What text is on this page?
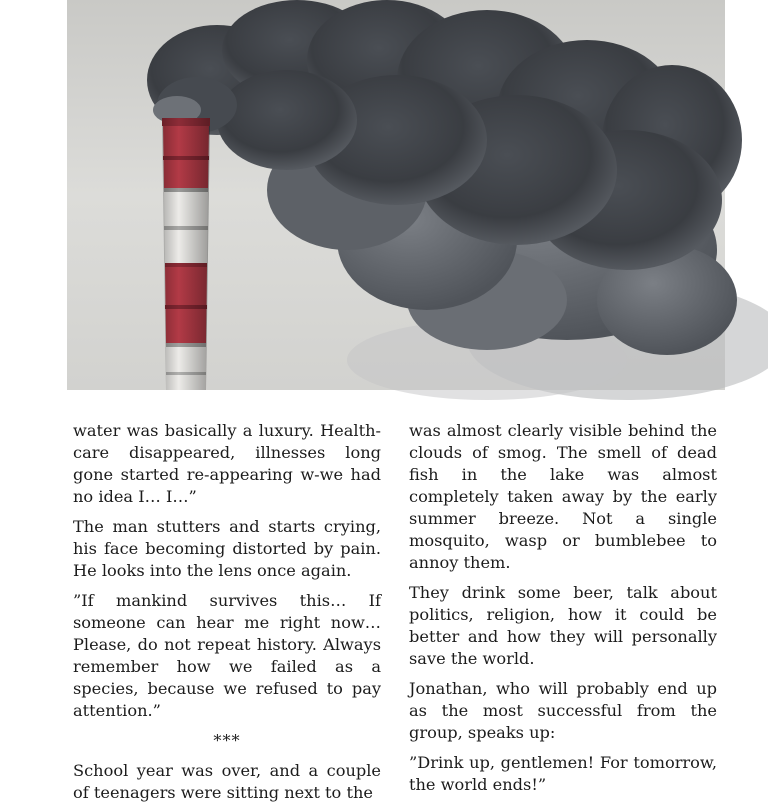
water was basically a luxury. Health-care disappeared, illnesses long gone started re-appearing w-we had no idea I… I…”

The man stutters and starts crying, his face becoming distorted by pain. He looks into the lens once again.

”If mankind survives this… If someone can hear me right now… Please, do not repeat history. Always remember how we failed as a species, because we refused to pay attention.”

***

School year was over, and a couple of teenagers were sitting next to the

was almost clearly visible behind the clouds of smog. The smell of dead fish in the lake was almost completely taken away by the early summer breeze. Not a single mosquito, wasp or bumblebee to annoy them.

They drink some beer, talk about politics, religion, how it could be better and how they will personally save the world.

Jonathan, who will probably end up as the most successful from the group, speaks up:

”Drink up, gentlemen! For tomorrow, the world ends!”
